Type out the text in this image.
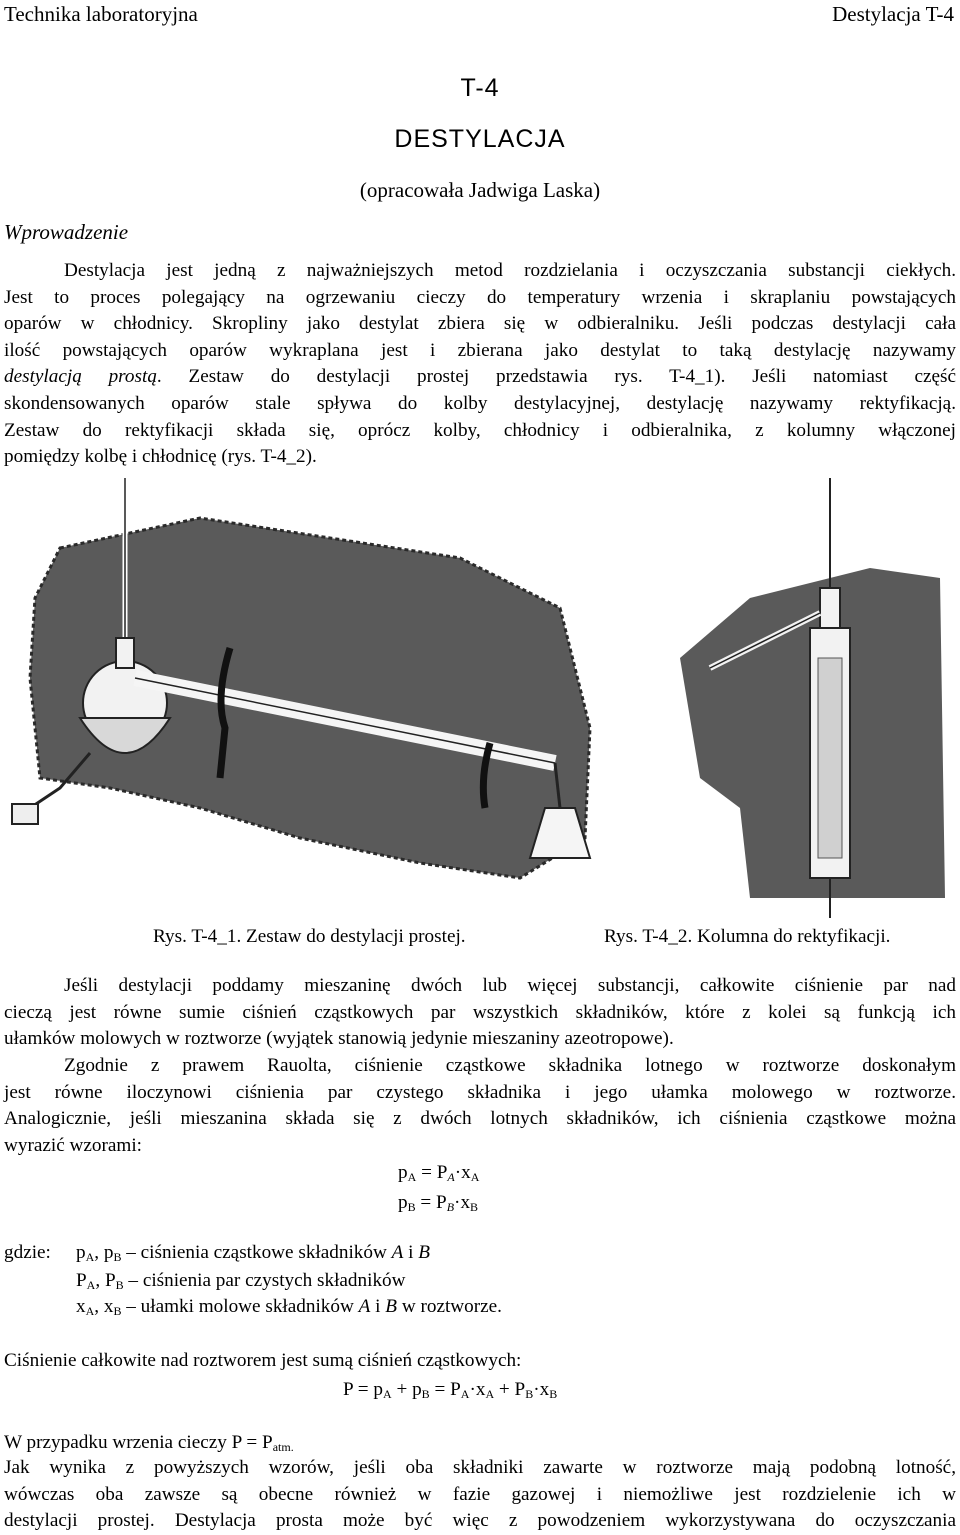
Technika laboratoryjna	Destylacja T-4
T-4
DESTYLACJA
(opracowała Jadwiga Laska)
Wprowadzenie

Destylacja jest jedną z najważniejszych metod rozdzielania i oczyszczania substancji ciekłych.

Jest to proces polegający na ogrzewaniu cieczy do temperatury wrzenia i skraplaniu powstających

oparów w chłodnicy. Skropliny jako destylat zbiera się w odbieralniku. Jeśli podczas destylacji cała

ilość powstających oparów wykraplana jest i zbierana jako destylat to taką destylację nazywamy

destylacją prostą. Zestaw do destylacji prostej przedstawia rys. T-4_1). Jeśli natomiast część

skondensowanych oparów stale spływa do kolby destylacyjnej, destylację nazywamy rektyfikacją.

Zestaw do rektyfikacji składa się, oprócz kolby, chłodnicy i odbieralnika, z kolumny włączonej

pomiędzy kolbę i chłodnicę (rys. T-4_2).

Rys. T-4_1. Zestaw do destylacji prostej.	Rys. T-4_2. Kolumna do rektyfikacji.

Jeśli destylacji poddamy mieszaninę dwóch lub więcej substancji, całkowite ciśnienie par nad

cieczą jest równe sumie ciśnień cząstkowych par wszystkich składników, które z kolei są funkcją ich

ułamków molowych w roztworze (wyjątek stanowią jedynie mieszaniny azeotropowe).

Zgodnie z prawem Rauolta, ciśnienie cząstkowe składnika lotnego w roztworze doskonałym

jest równe iloczynowi ciśnienia par czystego składnika i jego ułamka molowego w roztworze.

Analogicznie, jeśli mieszanina składa się z dwóch lotnych składników, ich ciśnienia cząstkowe można

wyrazić wzorami:

$p_A = P_A\cdot x_A$
$p_B = P_B\cdot x_B$
gdzie: $p_A$, $p_B$ – ciśnienia cząstkowe składników A i B
$P_A$, $P_B$ – ciśnienia par czystych składników
$x_A$, $x_B$ – ułamki molowe składników A i B w roztworze.
Ciśnienie całkowite nad roztworem jest sumą ciśnień cząstkowych:
$P = p_A + p_B = P_A\cdot x_A + P_B\cdot x_B$
W przypadku wrzenia cieczy $P = P_{atm.}$

Jak wynika z powyższych wzorów, jeśli oba składniki zawarte w roztworze mają podobną lotność,

wówczas oba zawsze są obecne również w fazie gazowej i niemożliwe jest rozdzielenie ich w

destylacji prostej. Destylacja prosta może być więc z powodzeniem wykorzystywana do oczyszczania
